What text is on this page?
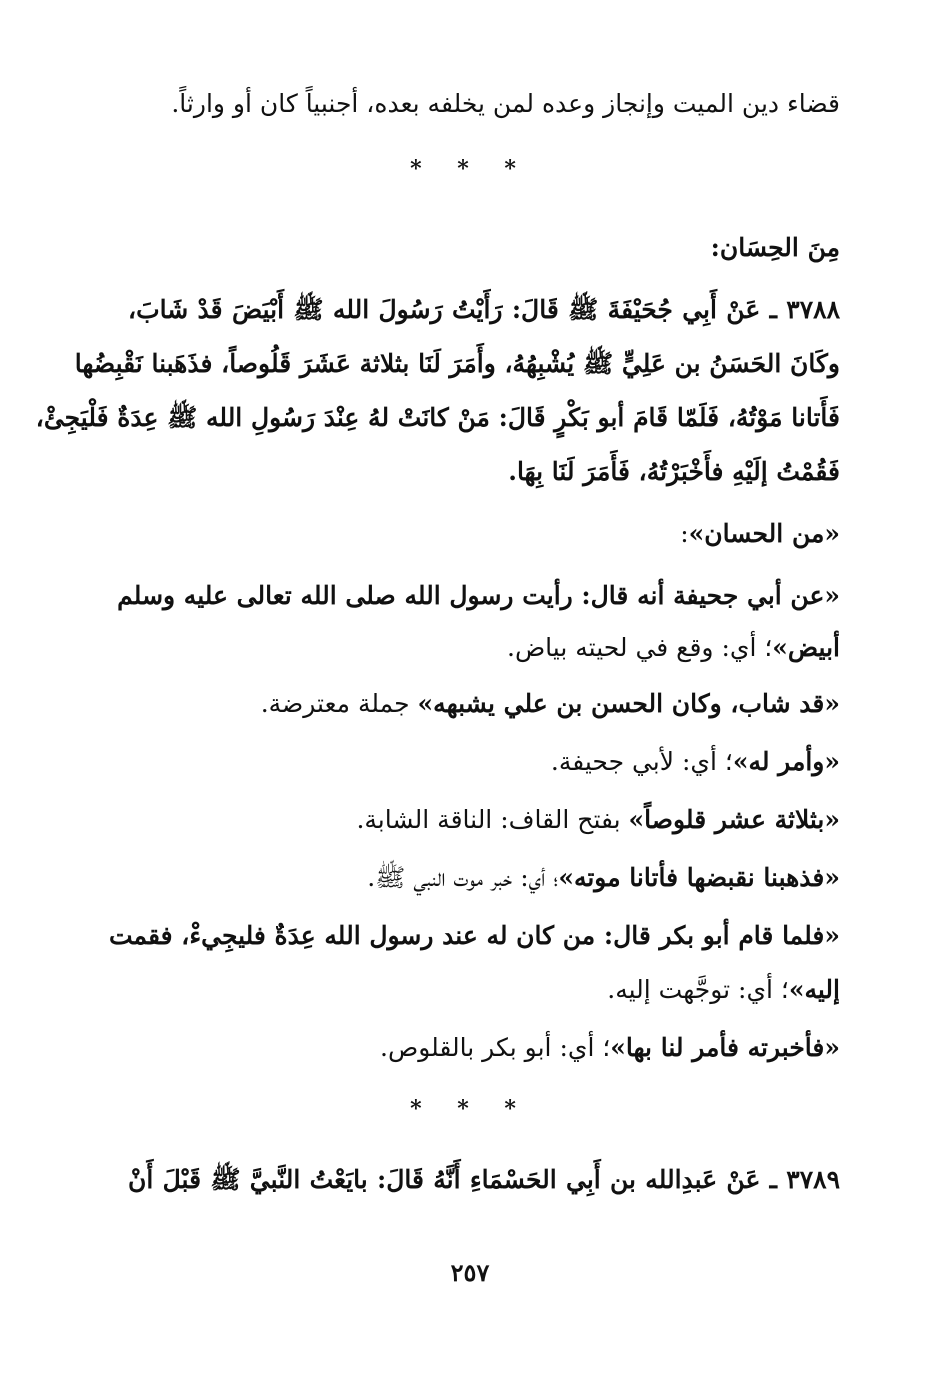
قضاء دين الميت وإنجاز وعده لمن يخلفه بعده، أجنبياً كان أو وارثاً.
* * *
مِنَ الحِسَان:
٣٧٨٨ ـ عَنْ أَبِي جُحَيْفَةَ ﷺ قَالَ: رَأَيْتُ رَسُولَ الله ﷺ أَبْيَضَ قَدْ شَابَ،
وكَانَ الحَسَنُ بن عَلِيٍّ ﷺ يُشْبِهُهُ، وأَمَرَ لَنَا بثلاثة عَشَرَ قَلُوصاً، فذَهَبنا نَقْبِضُها
فَأَتانا مَوْتُهُ، فَلَمّا قَامَ أبو بَكْرٍ قَالَ: مَنْ كانَتْ لهُ عِنْدَ رَسُولِ الله ﷺ عِدَةٌ فَلْيَجِئْ،
فَقُمْتُ إلَيْهِ فأَخْبَرْتُهُ، فَأَمَرَ لَنَا بِهَا.
«من الحسان»:
«عن أبي جحيفة أنه قال: رأيت رسول الله صلى الله تعالى عليه وسلم
أبيض»؛ أي: وقع في لحيته بياض.
«قد شاب، وكان الحسن بن علي يشبهه» جملة معترضة.
«وأمر له»؛ أي: لأبي جحيفة.
«بثلاثة عشر قلوصاً» بفتح القاف: الناقة الشابة.
«فذهبنا نقبضها فأتانا موته»؛ أي: خبر موت النبي ﷺ.
«فلما قام أبو بكر قال: من كان له عند رسول الله عِدَةٌ فليجِيءْ، فقمت
إليه»؛ أي: توجَّهت إليه.
«فأخبرته فأمر لنا بها»؛ أي: أبو بكر بالقلوص.
* * *
٣٧٨٩ ـ عَنْ عَبدِالله بن أَبِي الحَسْمَاءِ أَنَّهُ قَالَ: بايَعْتُ النَّبيَّ ﷺ قَبْلَ أَنْ
٢٥٧
